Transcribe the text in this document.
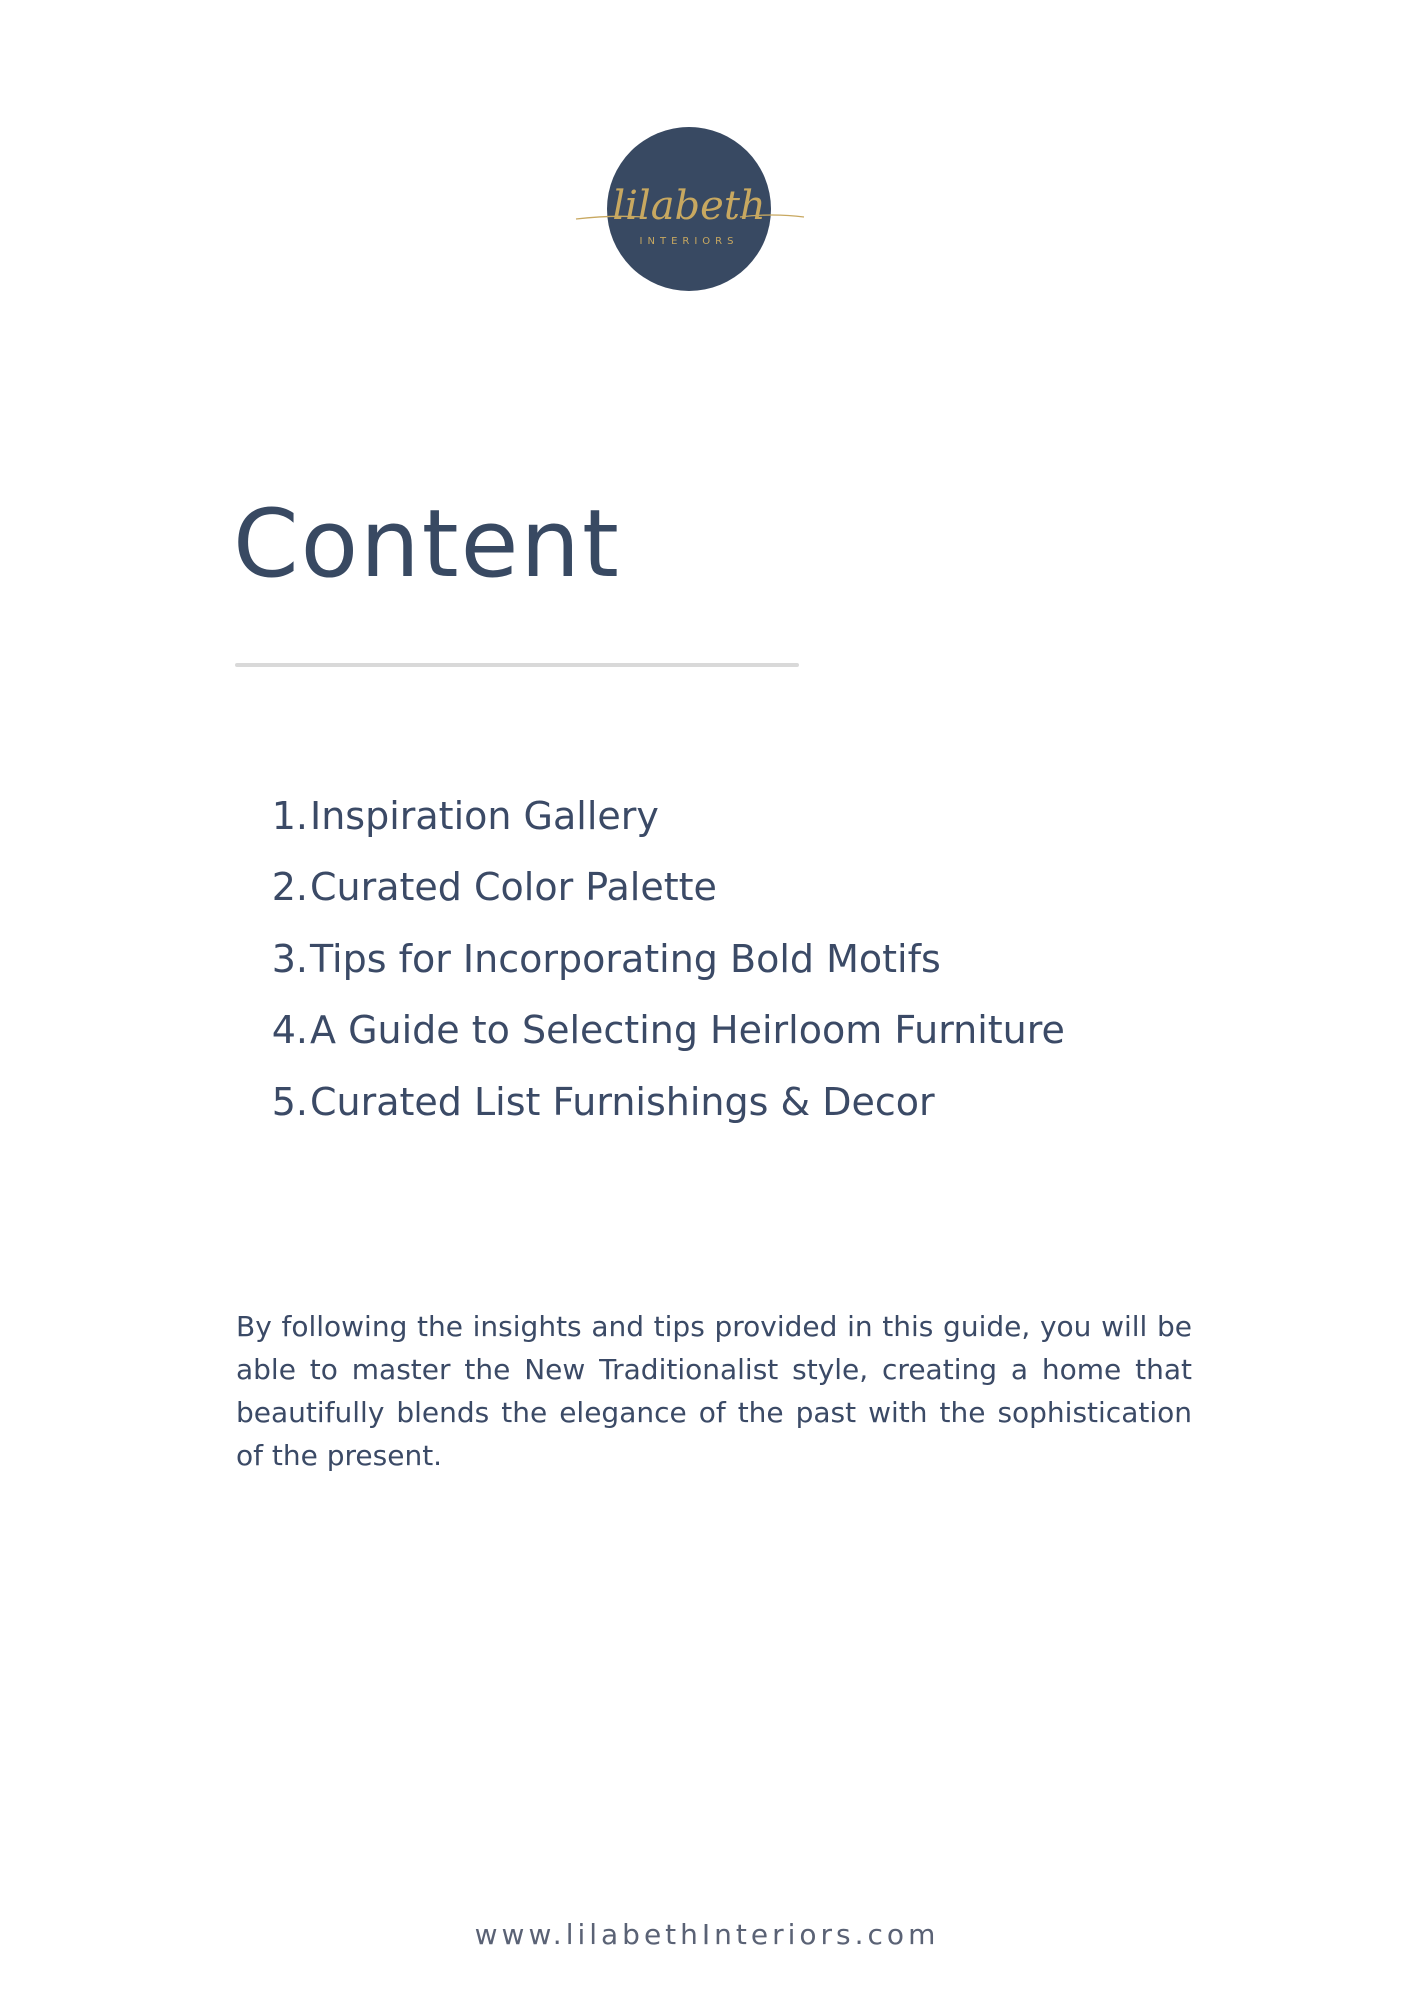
lilabeth
INTERIORS
Content
1. Inspiration Gallery
2. Curated Color Palette
3. Tips for Incorporating Bold Motifs
4. A Guide to Selecting Heirloom Furniture
5. Curated List Furnishings & Decor

By following the insights and tips provided in this guide, you will be able to master the New Traditionalist style, creating a home that beautifully blends the elegance of the past with the sophistication of the present.

www.lilabethInteriors.com
